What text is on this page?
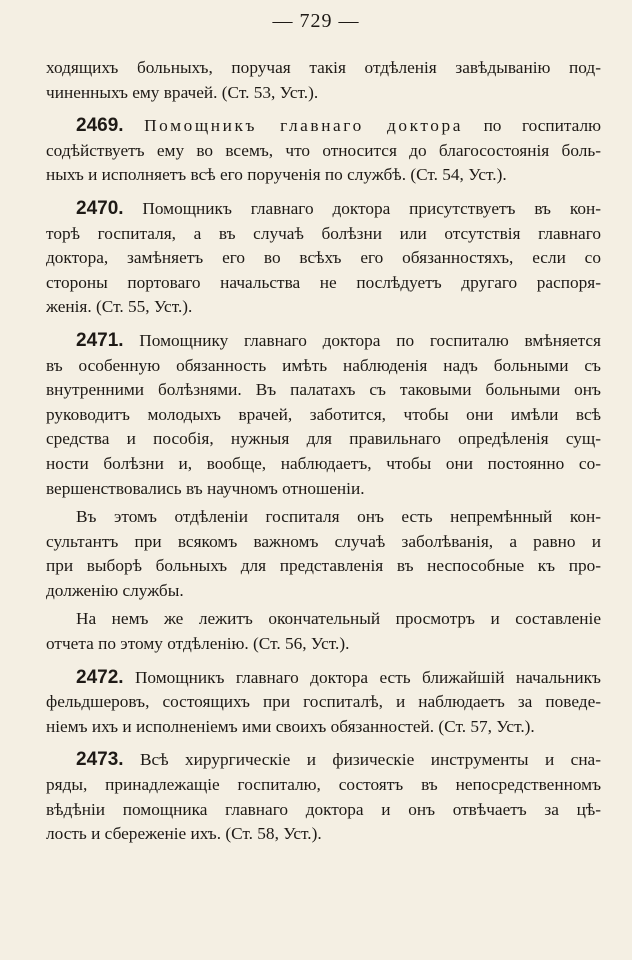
— 729 —
ходящихъ больныхъ, поручая такія отдѣленія завѣдыванію под-
чиненныхъ ему врачей. (Ст. 53, Уст.).
2469. Помощникъ главнаго доктора по госпиталю
содѣйствуетъ ему во всемъ, что относится до благосостоянія боль-
ныхъ и исполняетъ всѣ его порученія по службѣ. (Ст. 54, Уст.).
2470. Помощникъ главнаго доктора присутствуетъ въ кон-
торѣ госпиталя, а въ случаѣ болѣзни или отсутствія главнаго
доктора, замѣняетъ его во всѣхъ его обязанностяхъ, если со
стороны портоваго начальства не послѣдуетъ другаго распоря-
женія. (Ст. 55, Уст.).
2471. Помощнику главнаго доктора по госпиталю вмѣняется
въ особенную обязанность имѣть наблюденія надъ больными съ
внутренними болѣзнями. Въ палатахъ съ таковыми больными онъ
руководитъ молодыхъ врачей, заботится, чтобы они имѣли всѣ
средства и пособія, нужныя для правильнаго опредѣленія сущ-
ности болѣзни и, вообще, наблюдаетъ, чтобы они постоянно со-
вершенствовались въ научномъ отношеніи.
Въ этомъ отдѣленіи госпиталя онъ есть непремѣнный кон-
сультантъ при всякомъ важномъ случаѣ заболѣванія, а равно и
при выборѣ больныхъ для представленія въ неспособные къ про-
долженію службы.
На немъ же лежитъ окончательный просмотръ и составленіе
отчета по этому отдѣленію. (Ст. 56, Уст.).
2472. Помощникъ главнаго доктора есть ближайшій начальникъ
фельдшеровъ, состоящихъ при госпиталѣ, и наблюдаетъ за поведе-
ніемъ ихъ и исполненіемъ ими своихъ обязанностей. (Ст. 57, Уст.).
2473. Всѣ хирургическіе и физическіе инструменты и сна-
ряды, принадлежащіе госпиталю, состоятъ въ непосредственномъ
вѣдѣніи помощника главнаго доктора и онъ отвѣчаетъ за цѣ-
лость и сбереженіе ихъ. (Ст. 58, Уст.).
